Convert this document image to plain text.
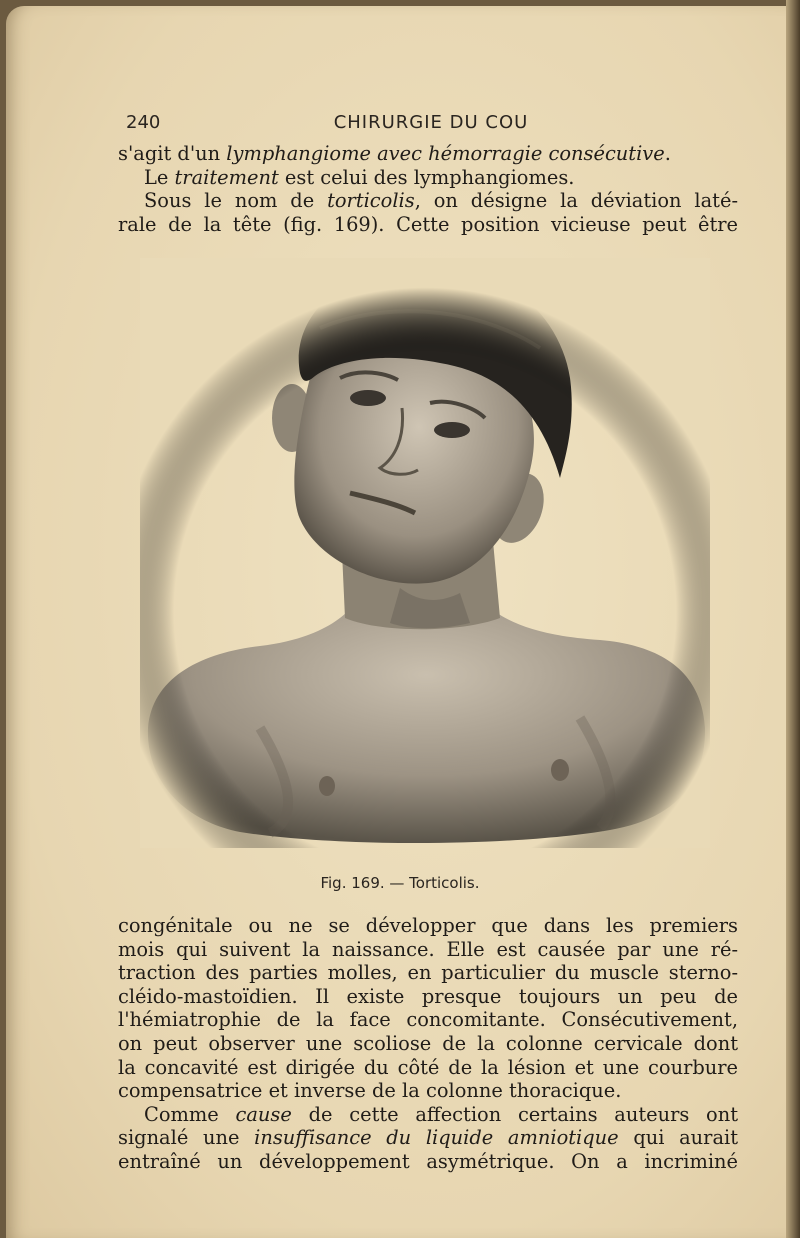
240	CHIRURGIE DU COU
s'agit d'un lymphangiome avec hémorragie consécutive.
Le traitement est celui des lymphangiomes.
Sous le nom de torticolis, on désigne la déviation laté-
rale de la tête (fig. 169). Cette position vicieuse peut être
Fig. 169. — Torticolis.
congénitale ou ne se développer que dans les premiers
mois qui suivent la naissance. Elle est causée par une ré-
traction des parties molles, en particulier du muscle sterno-
cléido-mastoïdien. Il existe presque toujours un peu de
l'hémiatrophie de la face concomitante. Consécutivement,
on peut observer une scoliose de la colonne cervicale dont
la concavité est dirigée du côté de la lésion et une courbure
compensatrice et inverse de la colonne thoracique.
Comme cause de cette affection certains auteurs ont
signalé une insuffisance du liquide amniotique qui aurait
entraîné un développement asymétrique. On a incriminé
